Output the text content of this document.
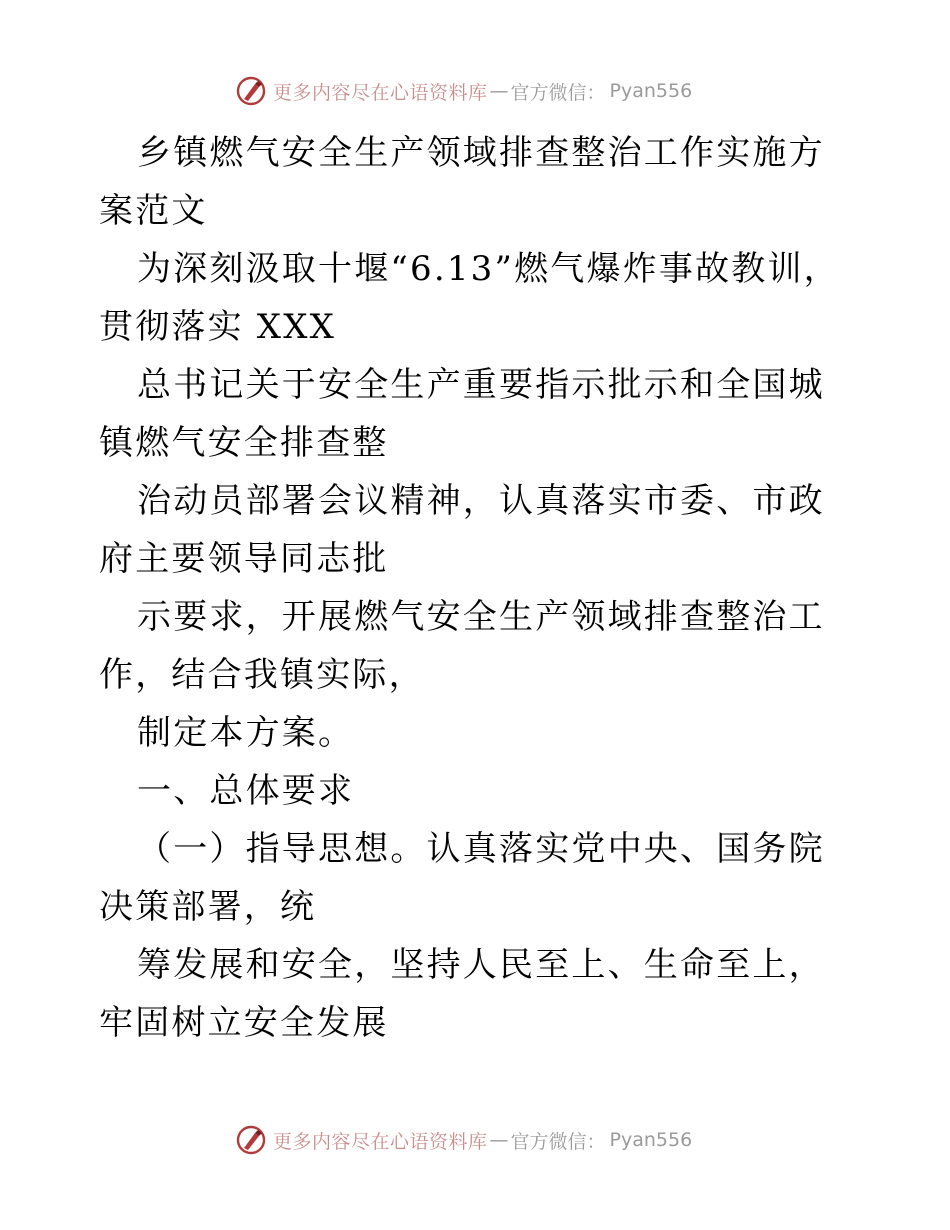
更多内容尽在心语资料库 — 官方微信： Pyan556

乡镇燃气安全生产领域排查整治工作实施方案范文

为深刻汲取十堰“6.13”燃气爆炸事故教训，贯彻落实 XXX

总书记关于安全生产重要指示批示和全国城镇燃气安全排查整

治动员部署会议精神，认真落实市委、市政府主要领导同志批

示要求，开展燃气安全生产领域排查整治工作，结合我镇实际，

制定本方案。

一、总体要求

（一）指导思想。认真落实党中央、国务院决策部署，统

筹发展和安全，坚持人民至上、生命至上，牢固树立安全发展

更多内容尽在心语资料库 — 官方微信： Pyan556
